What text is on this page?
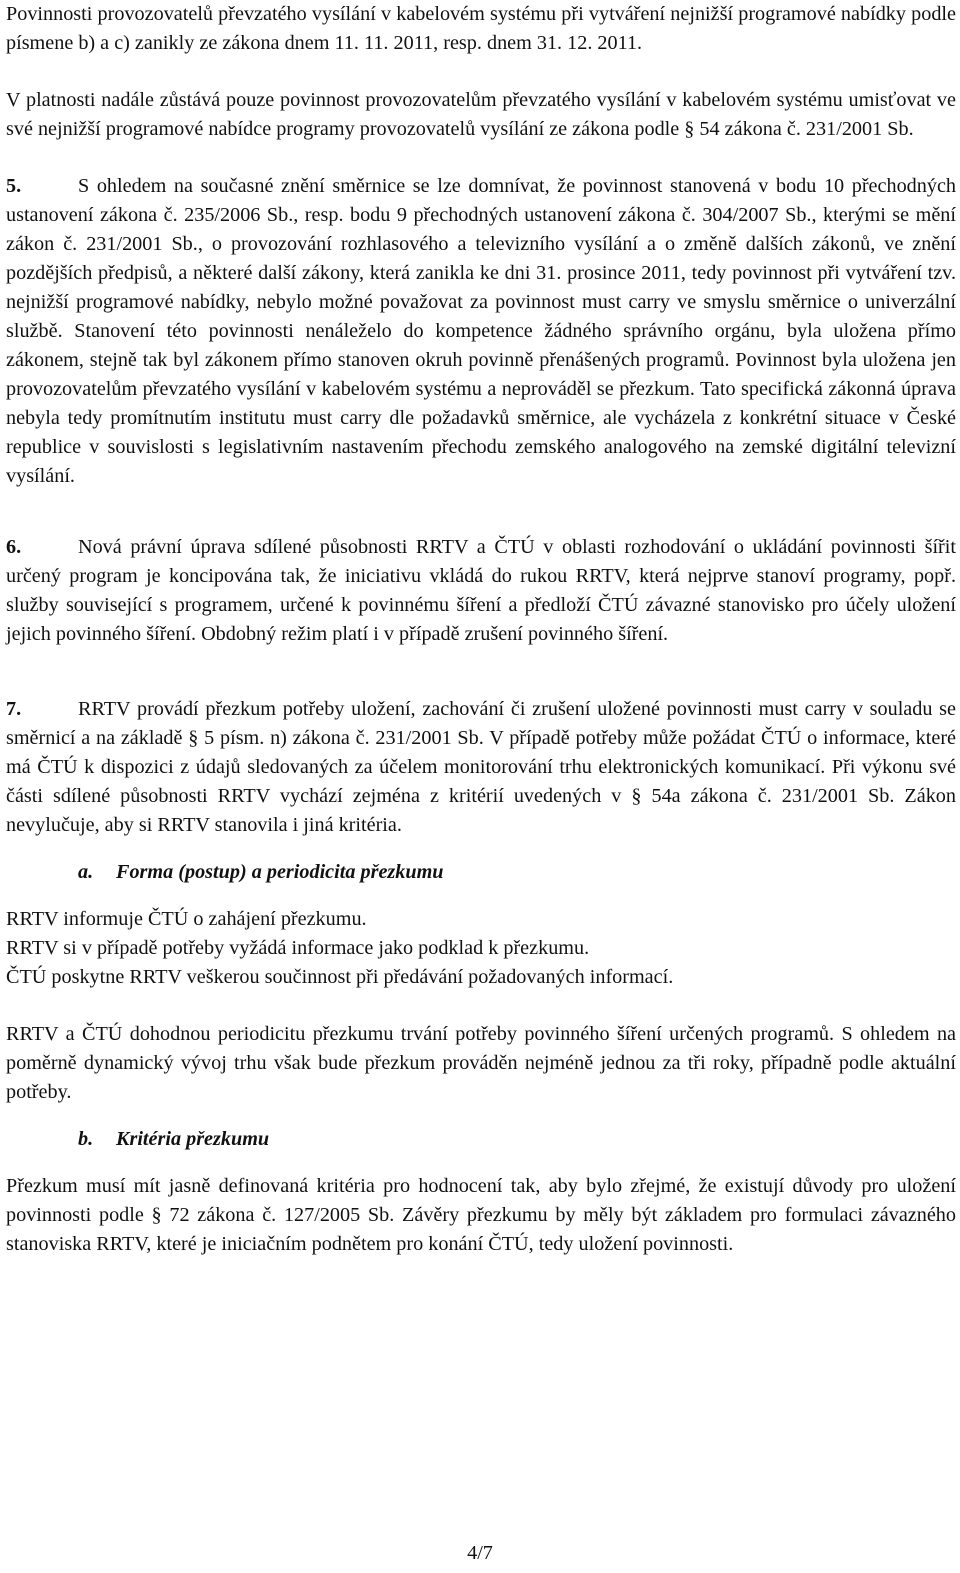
Povinnosti provozovatelů převzatého vysílání v kabelovém systému při vytváření nejnižší programové nabídky podle písmene b) a c) zanikly ze zákona dnem 11. 11. 2011, resp. dnem 31. 12. 2011.

V platnosti nadále zůstává pouze povinnost provozovatelům převzatého vysílání v kabelovém systému umisťovat ve své nejnižší programové nabídce programy provozovatelů vysílání ze zákona podle § 54 zákona č. 231/2001 Sb.

5.	S ohledem na současné znění směrnice se lze domnívat, že povinnost stanovená v bodu 10 přechodných ustanovení zákona č. 235/2006 Sb., resp. bodu 9 přechodných ustanovení zákona č. 304/2007 Sb., kterými se mění zákon č. 231/2001 Sb., o provozování rozhlasového a televizního vysílání a o změně dalších zákonů, ve znění pozdějších předpisů, a některé další zákony, která zanikla ke dni 31. prosince 2011, tedy povinnost při vytváření tzv. nejnižší programové nabídky, nebylo možné považovat za povinnost must carry ve smyslu směrnice o univerzální službě. Stanovení této povinnosti nenáleželo do kompetence žádného správního orgánu, byla uložena přímo zákonem, stejně tak byl zákonem přímo stanoven okruh povinně přenášených programů. Povinnost byla uložena jen provozovatelům převzatého vysílání v kabelovém systému a neprováděl se přezkum. Tato specifická zákonná úprava nebyla tedy promítnutím institutu must carry dle požadavků směrnice, ale vycházela z konkrétní situace v České republice v souvislosti s legislativním nastavením přechodu zemského analogového na zemské digitální televizní vysílání.

6.	Nová právní úprava sdílené působnosti RRTV a ČTÚ v oblasti rozhodování o ukládání povinnosti šířit určený program je koncipována tak, že iniciativu vkládá do rukou RRTV, která nejprve stanoví programy, popř. služby související s programem, určené k povinnému šíření a předloží ČTÚ závazné stanovisko pro účely uložení jejich povinného šíření. Obdobný režim platí i v případě zrušení povinného šíření.

7.	RRTV provádí přezkum potřeby uložení, zachování či zrušení uložené povinnosti must carry v souladu se směrnicí a na základě § 5 písm. n) zákona č. 231/2001 Sb. V případě potřeby může požádat ČTÚ o informace, které má ČTÚ k dispozici z údajů sledovaných za účelem monitorování trhu elektronických komunikací. Při výkonu své části sdílené působnosti RRTV vychází zejména z kritérií uvedených v § 54a zákona č. 231/2001 Sb. Zákon nevylučuje, aby si RRTV stanovila i jiná kritéria.

a. Forma (postup) a periodicita přezkumu

RRTV informuje ČTÚ o zahájení přezkumu.

RRTV si v případě potřeby vyžádá informace jako podklad k přezkumu.

ČTÚ poskytne RRTV veškerou součinnost při předávání požadovaných informací.

RRTV a ČTÚ dohodnou periodicitu přezkumu trvání potřeby povinného šíření určených programů. S ohledem na poměrně dynamický vývoj trhu však bude přezkum prováděn nejméně jednou za tři roky, případně podle aktuální potřeby.

b. Kritéria přezkumu

Přezkum musí mít jasně definovaná kritéria pro hodnocení tak, aby bylo zřejmé, že existují důvody pro uložení povinnosti podle § 72 zákona č. 127/2005 Sb. Závěry přezkumu by měly být základem pro formulaci závazného stanoviska RRTV, které je iniciačním podnětem pro konání ČTÚ, tedy uložení povinnosti.

4/7
